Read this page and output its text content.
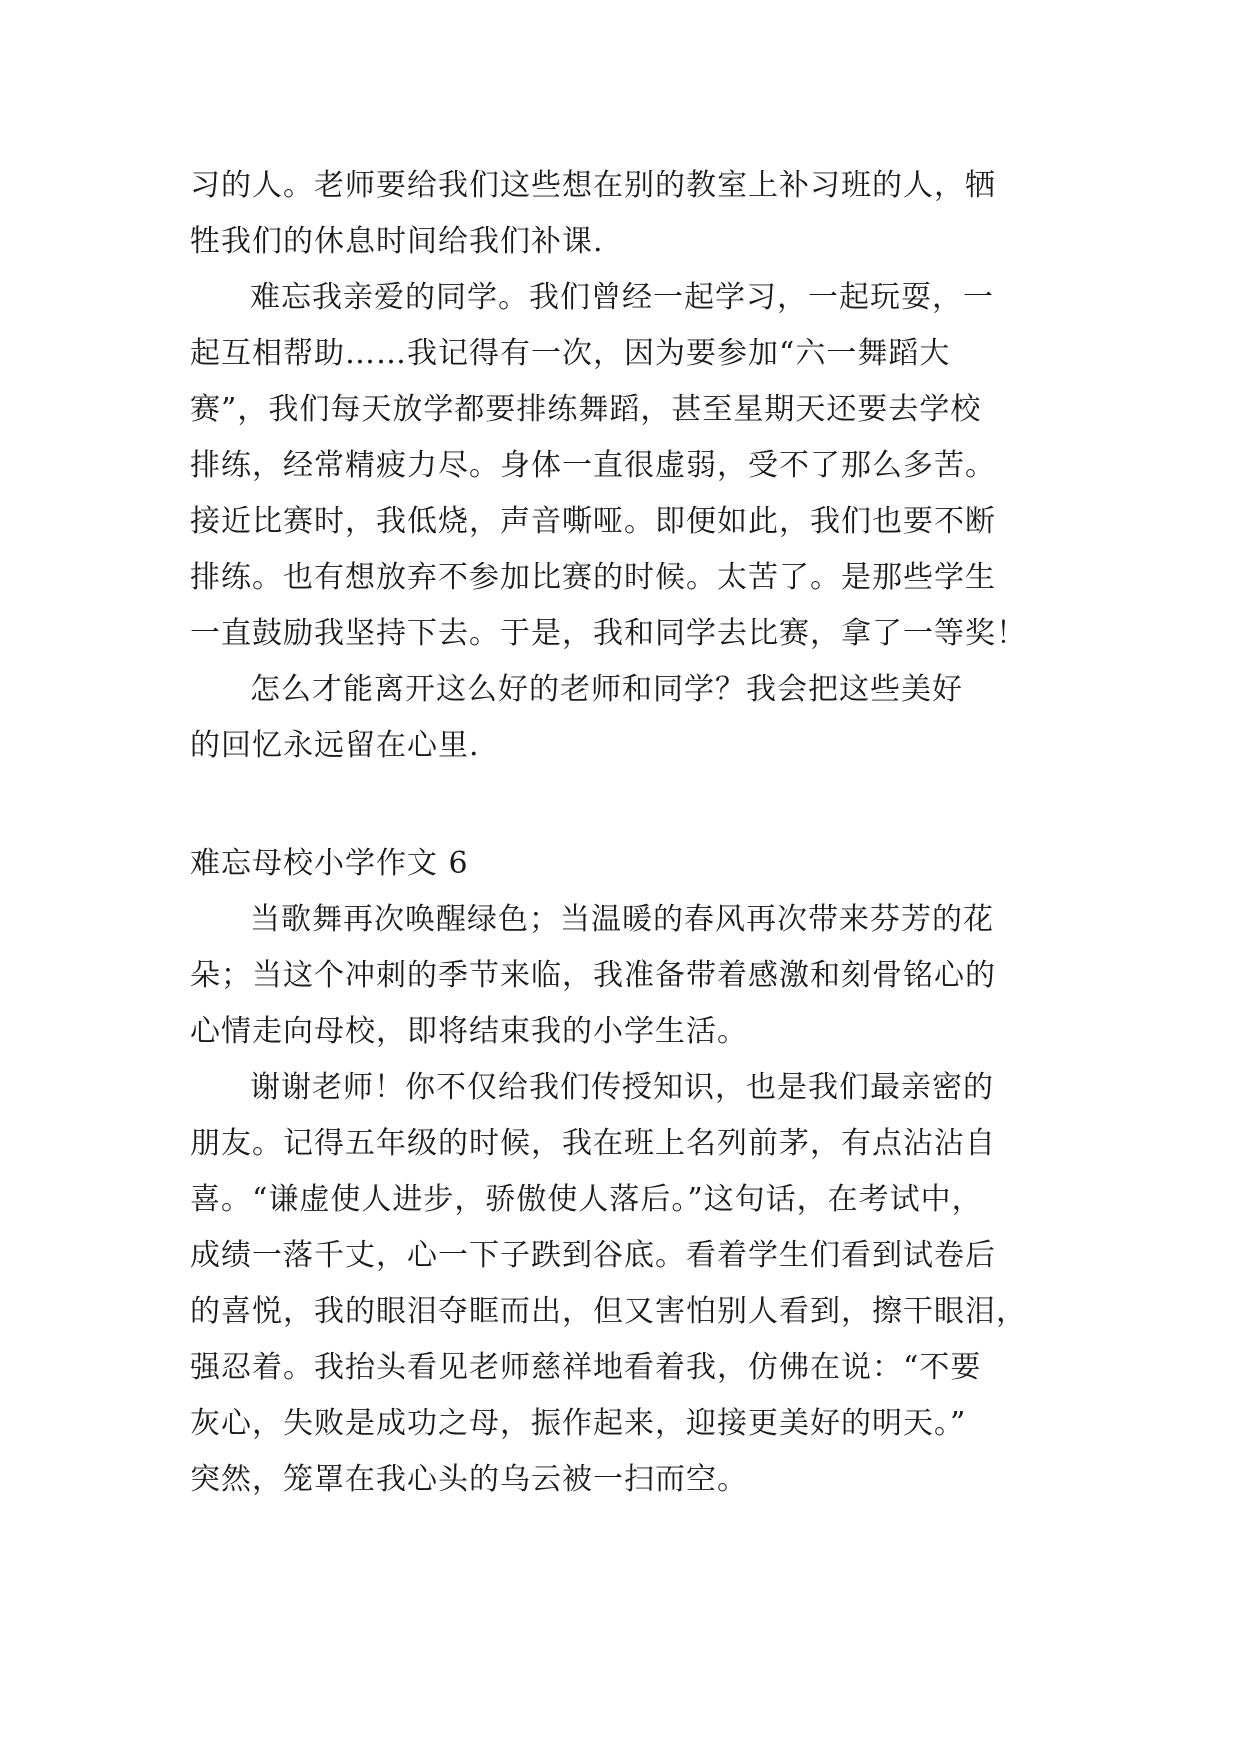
习的人。老师要给我们这些想在别的教室上补习班的人，牺
牲我们的休息时间给我们补课.
难忘我亲爱的同学。我们曾经一起学习，一起玩耍，一
起互相帮助……我记得有一次，因为要参加“六一舞蹈大
赛”，我们每天放学都要排练舞蹈，甚至星期天还要去学校
排练，经常精疲力尽。身体一直很虚弱，受不了那么多苦。
接近比赛时，我低烧，声音嘶哑。即便如此，我们也要不断
排练。也有想放弃不参加比赛的时候。太苦了。是那些学生
一直鼓励我坚持下去。于是，我和同学去比赛，拿了一等奖！
怎么才能离开这么好的老师和同学？我会把这些美好
的回忆永远留在心里.
难忘母校小学作文 6
当歌舞再次唤醒绿色；当温暖的春风再次带来芬芳的花
朵；当这个冲刺的季节来临，我准备带着感激和刻骨铭心的
心情走向母校，即将结束我的小学生活。
谢谢老师！你不仅给我们传授知识，也是我们最亲密的
朋友。记得五年级的时候，我在班上名列前茅，有点沾沾自
喜。“谦虚使人进步，骄傲使人落后。”这句话，在考试中，
成绩一落千丈，心一下子跌到谷底。看着学生们看到试卷后
的喜悦，我的眼泪夺眶而出，但又害怕别人看到，擦干眼泪，
强忍着。我抬头看见老师慈祥地看着我，仿佛在说：“不要
灰心，失败是成功之母，振作起来，迎接更美好的明天。”
突然，笼罩在我心头的乌云被一扫而空。
